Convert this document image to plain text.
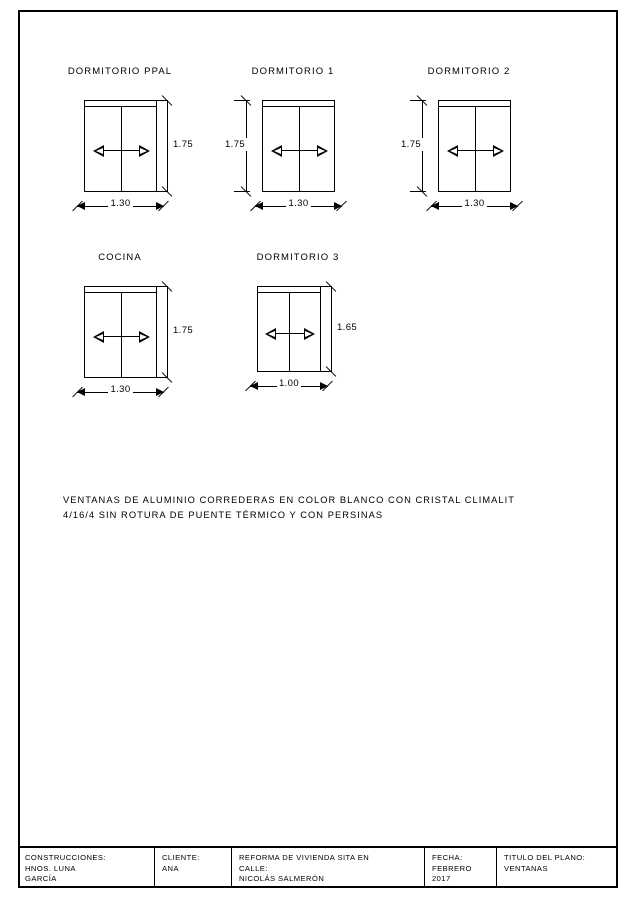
DORMITORIO PPAL
1.75
1.30
DORMITORIO 1
1.75
1.30
DORMITORIO 2
1.75
1.30
COCINA
1.75
1.30
DORMITORIO 3
1.65
1.00
VENTANAS DE ALUMINIO CORREDERAS EN COLOR BLANCO CON CRISTAL CLIMALIT
4/16/4 SIN ROTURA DE PUENTE TÉRMICO Y CON PERSINAS
CONSTRUCCIONES:
HNOS. LUNA
GARCÍA
CLIENTE:
ANA
REFORMA DE VIVIENDA SITA EN
CALLE:
NICOLÁS SALMERÓN
FECHA:
FEBRERO
2017
TITULO DEL PLANO:
VENTANAS
